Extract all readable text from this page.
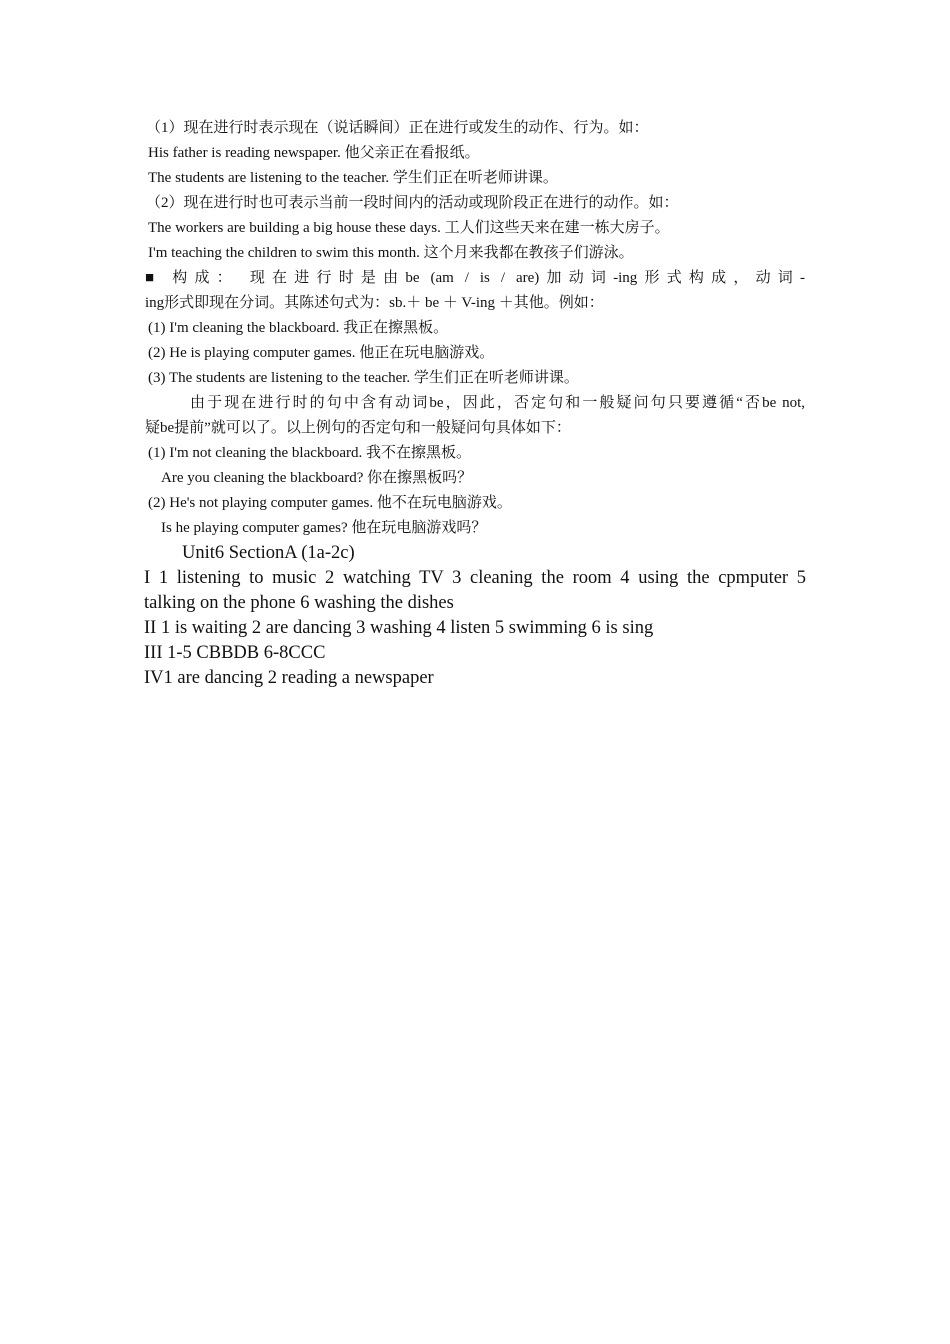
（1）现在进行时表示现在（说话瞬间）正在进行或发生的动作、行为。如：
His father is reading newspaper. 他父亲正在看报纸。
The students are listening to the teacher. 学生们正在听老师讲课。
（2）现在进行时也可表示当前一段时间内的活动或现阶段正在进行的动作。如：
The workers are building a big house these days. 工人们这些天来在建一栋大房子。
I'm teaching the children to swim this month. 这个月来我都在教孩子们游泳。
■ 构成： 现在进行时是由be (am / is / are)加动词-ing形式构成，动词-
ing形式即现在分词。其陈述句式为：sb.＋ be ＋ V-ing ＋其他。例如：
(1) I'm cleaning the blackboard. 我正在擦黑板。
(2) He is playing computer games. 他正在玩电脑游戏。
(3) The students are listening to the teacher. 学生们正在听老师讲课。
由于现在进行时的句中含有动词be，因此，否定句和一般疑问句只要遵循“否be not,
疑be提前”就可以了。以上例句的否定句和一般疑问句具体如下：
(1) I'm not cleaning the blackboard. 我不在擦黑板。
Are you cleaning the blackboard? 你在擦黑板吗？
(2) He's not playing computer games. 他不在玩电脑游戏。
Is he playing computer games? 他在玩电脑游戏吗？
Unit6 SectionA (1a-2c)
I 1 listening to music 2 watching TV 3 cleaning the room 4 using the cpmputer 5
talking on the phone 6 washing the dishes
II 1 is waiting 2 are dancing 3 washing 4 listen 5 swimming 6 is sing
III 1-5 CBBDB 6-8CCC
IV1 are dancing 2 reading a newspaper
